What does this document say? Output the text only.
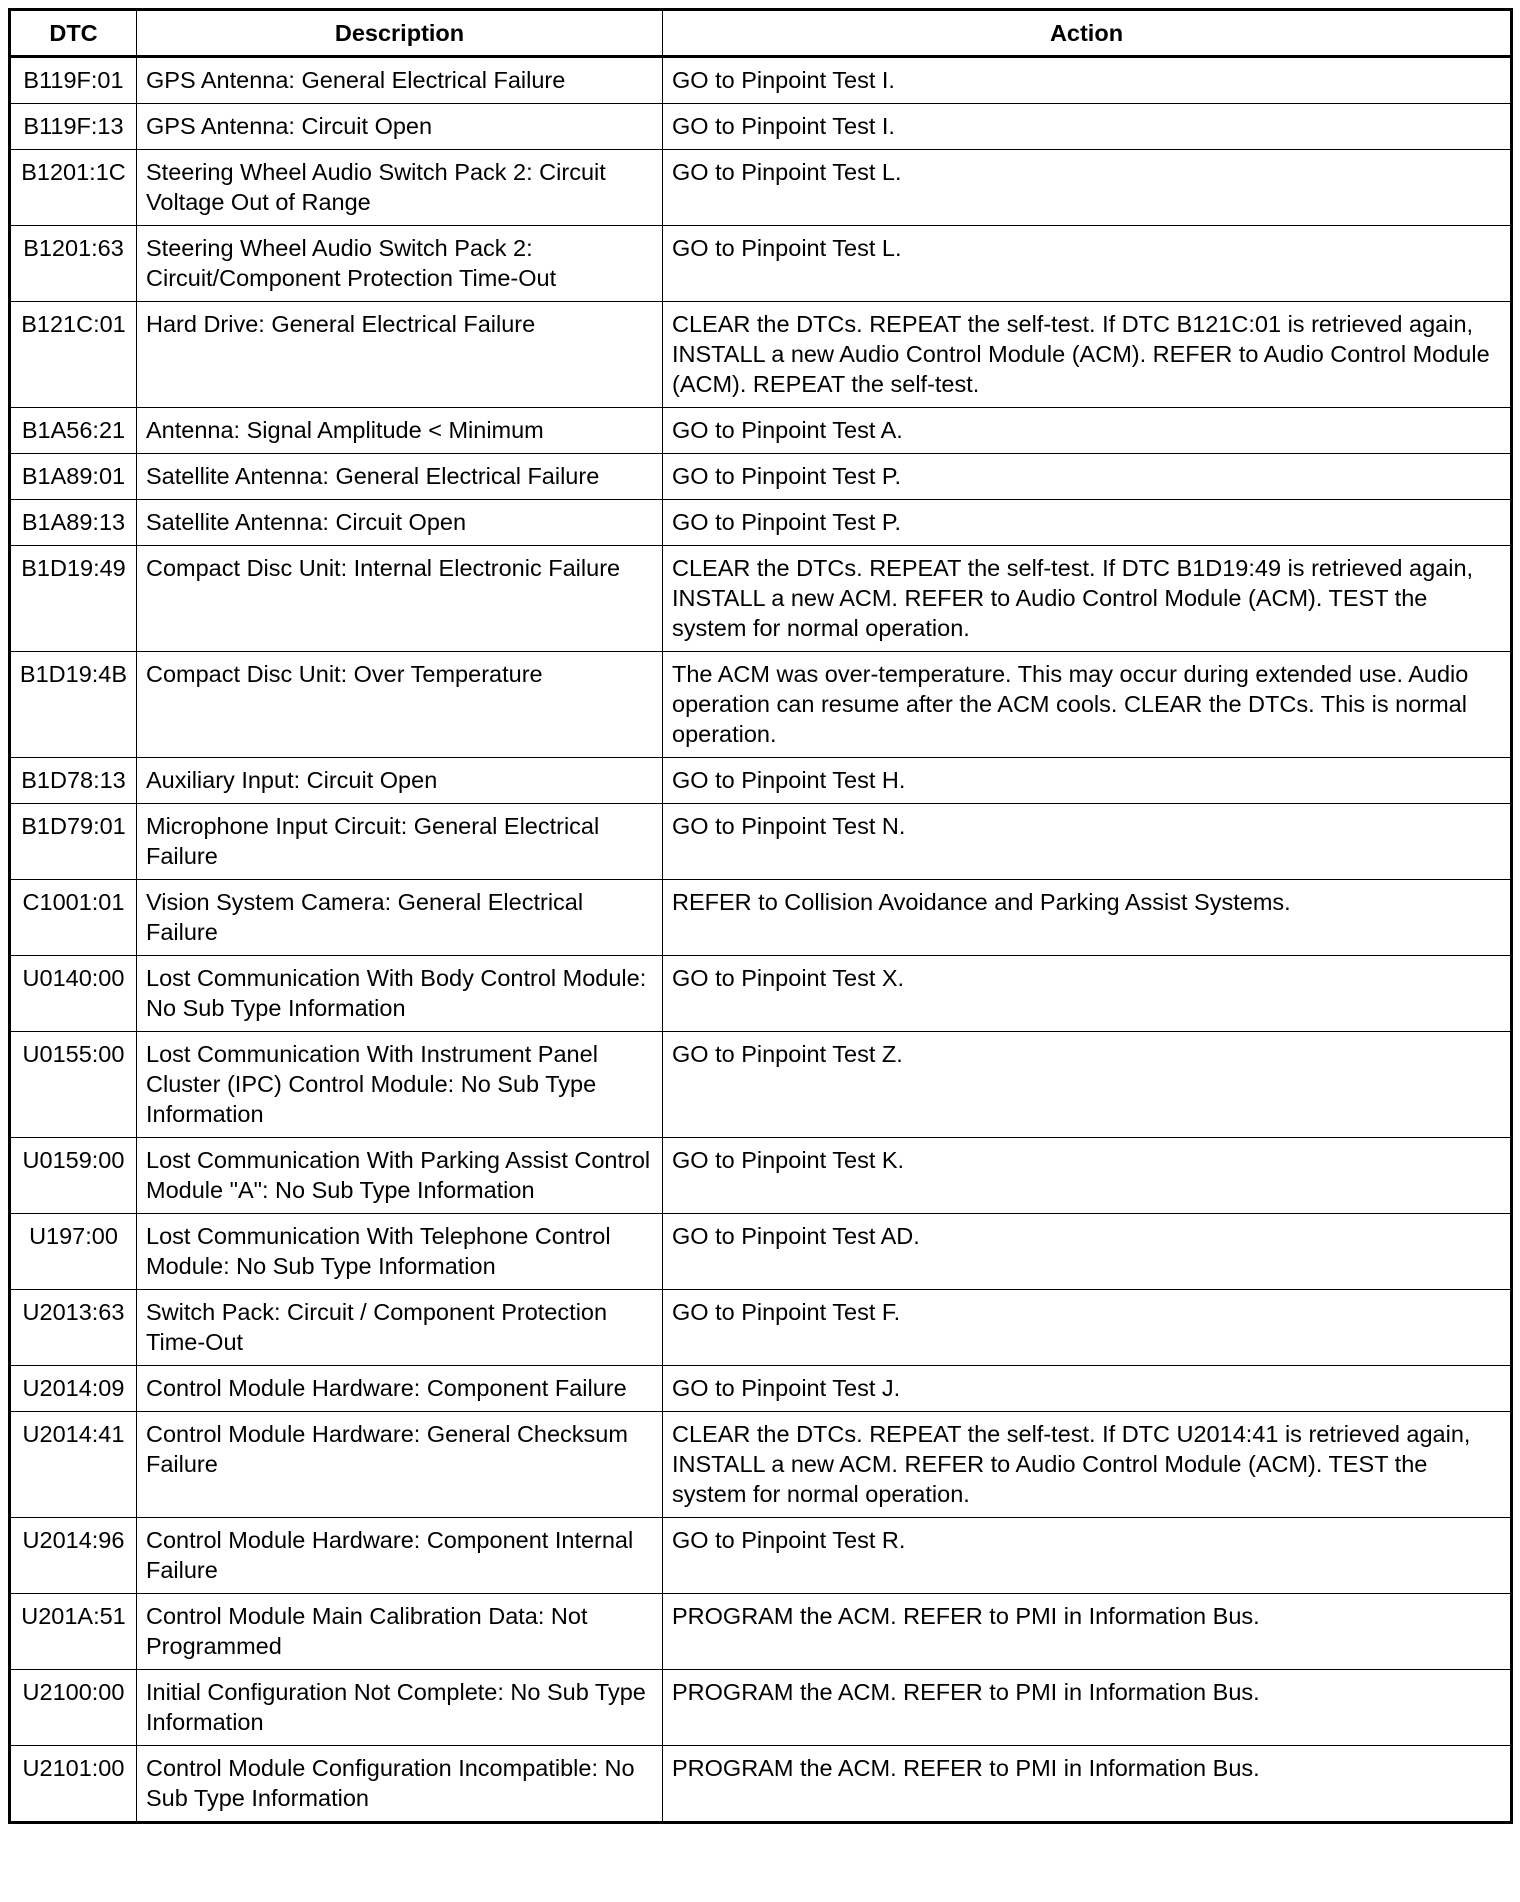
DTC	Description	Action
B119F:01	GPS Antenna: General Electrical Failure	GO to Pinpoint Test I.
B119F:13	GPS Antenna: Circuit Open	GO to Pinpoint Test I.
B1201:1C	Steering Wheel Audio Switch Pack 2: Circuit Voltage Out of Range	GO to Pinpoint Test L.
B1201:63	Steering Wheel Audio Switch Pack 2: Circuit/Component Protection Time-Out	GO to Pinpoint Test L.
B121C:01	Hard Drive: General Electrical Failure	CLEAR the DTCs. REPEAT the self-test. If DTC B121C:01 is retrieved again, INSTALL a new Audio Control Module (ACM). REFER to Audio Control Module (ACM). REPEAT the self-test.
B1A56:21	Antenna: Signal Amplitude < Minimum	GO to Pinpoint Test A.
B1A89:01	Satellite Antenna: General Electrical Failure	GO to Pinpoint Test P.
B1A89:13	Satellite Antenna: Circuit Open	GO to Pinpoint Test P.
B1D19:49	Compact Disc Unit: Internal Electronic Failure	CLEAR the DTCs. REPEAT the self-test. If DTC B1D19:49 is retrieved again, INSTALL a new ACM. REFER to Audio Control Module (ACM). TEST the system for normal operation.
B1D19:4B	Compact Disc Unit: Over Temperature	The ACM was over-temperature. This may occur during extended use. Audio operation can resume after the ACM cools. CLEAR the DTCs. This is normal operation.
B1D78:13	Auxiliary Input: Circuit Open	GO to Pinpoint Test H.
B1D79:01	Microphone Input Circuit: General Electrical Failure	GO to Pinpoint Test N.
C1001:01	Vision System Camera: General Electrical Failure	REFER to Collision Avoidance and Parking Assist Systems.
U0140:00	Lost Communication With Body Control Module: No Sub Type Information	GO to Pinpoint Test X.
U0155:00	Lost Communication With Instrument Panel Cluster (IPC) Control Module: No Sub Type Information	GO to Pinpoint Test Z.
U0159:00	Lost Communication With Parking Assist Control Module "A": No Sub Type Information	GO to Pinpoint Test K.
U197:00	Lost Communication With Telephone Control Module: No Sub Type Information	GO to Pinpoint Test AD.
U2013:63	Switch Pack: Circuit / Component Protection Time-Out	GO to Pinpoint Test F.
U2014:09	Control Module Hardware: Component Failure	GO to Pinpoint Test J.
U2014:41	Control Module Hardware: General Checksum Failure	CLEAR the DTCs. REPEAT the self-test. If DTC U2014:41 is retrieved again, INSTALL a new ACM. REFER to Audio Control Module (ACM). TEST the system for normal operation.
U2014:96	Control Module Hardware: Component Internal Failure	GO to Pinpoint Test R.
U201A:51	Control Module Main Calibration Data: Not Programmed	PROGRAM the ACM. REFER to PMI in Information Bus.
U2100:00	Initial Configuration Not Complete: No Sub Type Information	PROGRAM the ACM. REFER to PMI in Information Bus.
U2101:00	Control Module Configuration Incompatible: No Sub Type Information	PROGRAM the ACM. REFER to PMI in Information Bus.
